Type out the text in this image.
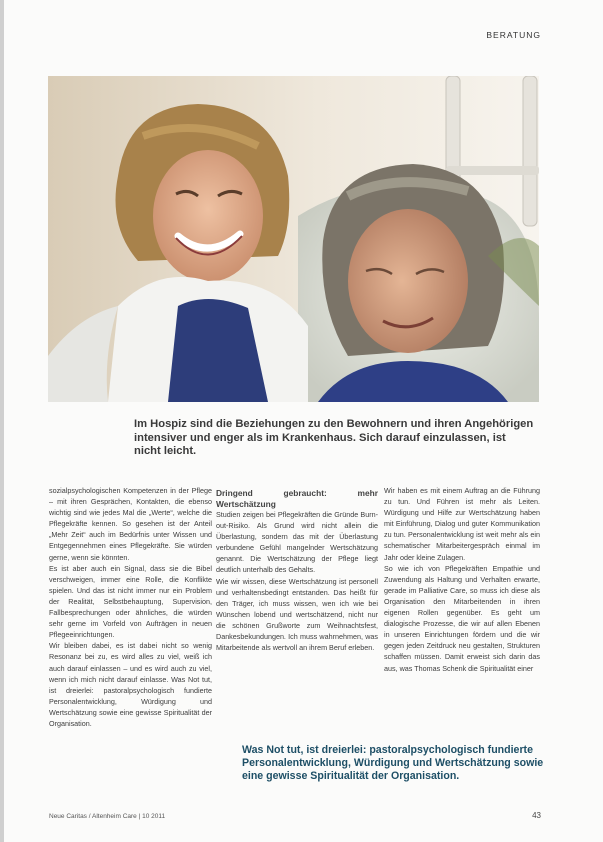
BERATUNG

Im Hospiz sind die Beziehungen zu den Bewohnern und ihren Angehörigen intensiver und enger als im Krankenhaus. Sich darauf einzulassen, ist nicht leicht.

sozialpsychologischen Kompetenzen in der Pflege – mit ihren Gesprächen, Kontakten, die ebenso wichtig sind wie jedes Mal die „Werte“, welche die Pflegekräfte kennen. So gesehen ist der Anteil „Mehr Zeit“ auch im Bedürfnis unter Wissen und Entgegennehmen eines Pflegekräfte. Sie würden gerne, wenn sie könnten.

Es ist aber auch ein Signal, dass sie die Bibel verschweigen, immer eine Rolle, die Konflikte spielen. Und das ist nicht immer nur ein Problem der Realität, Selbstbehauptung, Supervision, Fallbesprechungen oder ähnliches, die würden sehr gerne im Vorfeld von Aufträgen in neuen Pflegeeinrichtungen.

Wir bleiben dabei, es ist dabei nicht so wenig Resonanz bei zu, es wird alles zu viel, weiß ich auch darauf einlassen – und es wird auch zu viel, wenn ich mich nicht darauf einlasse. Was Not tut, ist dreierlei: pastoralpsychologisch fundierte Personalentwicklung, Würdigung und Wertschätzung sowie eine gewisse Spiritualität der Organisation.

Dringend gebraucht: mehr Wertschätzung

Studien zeigen bei Pflegekräften die Gründe Burn-out-Risiko. Als Grund wird nicht allein die Überlastung, sondern das mit der Überlastung verbundene Gefühl mangelnder Wertschätzung genannt. Die Wertschätzung der Pflege liegt deutlich unterhalb des Gehalts.

Wie wir wissen, diese Wertschätzung ist personell und verhaltensbedingt entstanden. Das heißt für den Träger, ich muss wissen, wen ich wie bei Wünschen lobend und wertschätzend, nicht nur die schönen Grußworte zum Weihnachtsfest, Dankesbekundungen. Ich muss wahrnehmen, was Mitarbeitende als wertvoll an ihrem Beruf erleben.

Wir haben es mit einem Auftrag an die Führung zu tun. Und Führen ist mehr als Leiten. Würdigung und Hilfe zur Wertschätzung haben mit Einführung, Dialog und guter Kommunikation zu tun. Personalentwicklung ist weit mehr als ein schematischer Mitarbeitergespräch einmal im Jahr oder kleine Zulagen.

So wie ich von Pflegekräften Empathie und Zuwendung als Haltung und Verhalten erwarte, gerade im Palliative Care, so muss ich diese als Organisation den Mitarbeitenden in ihren eigenen Rollen gegenüber. Es geht um dialogische Prozesse, die wir auf allen Ebenen in unseren Einrichtungen fördern und die wir gegen jeden Zeitdruck neu gestalten, Strukturen schaffen müssen. Damit erweist sich darin das aus, was Thomas Schenk die Spiritualität einer

Was Not tut, ist dreierlei: pastoralpsychologisch fundierte Personalentwicklung, Würdigung und Wertschätzung sowie eine gewisse Spiritualität der Organisation.

Neue Caritas / Altenheim Care | 10 2011	43
